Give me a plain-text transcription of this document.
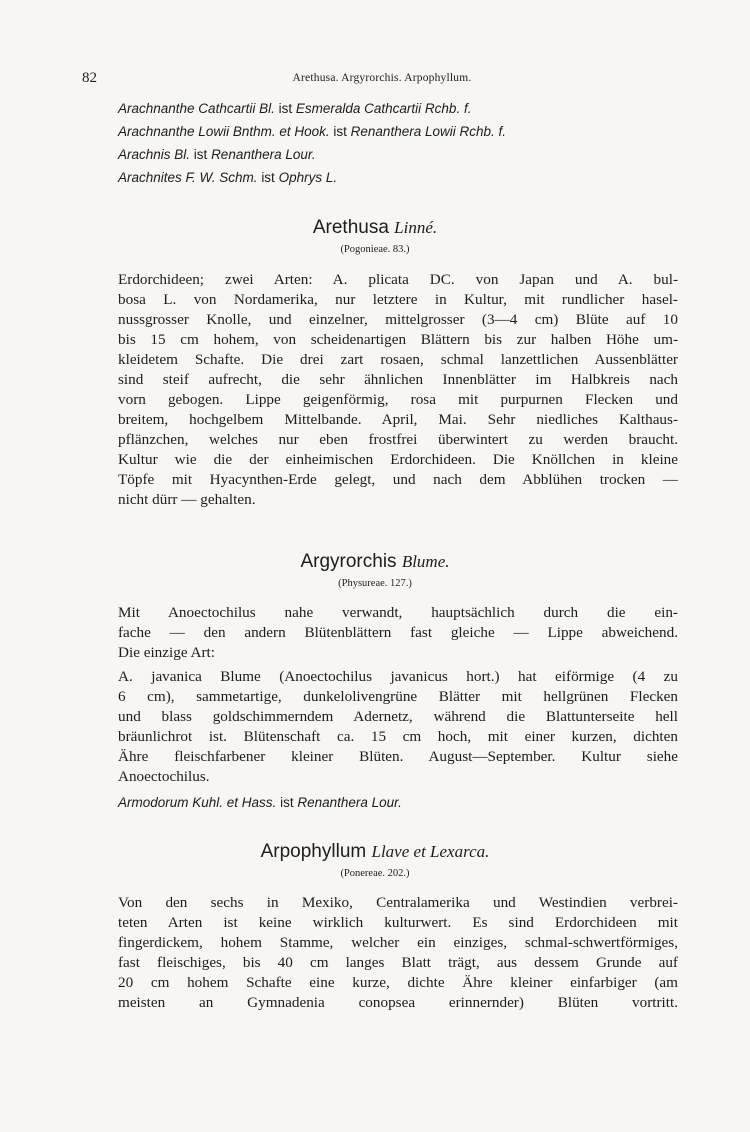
82	Arethusa. Argyrorchis. Arpophyllum.
Arachnanthe Cathcartii Bl. ist Esmeralda Cathcartii Rchb. f.
Arachnanthe Lowii Bnthm. et Hook. ist Renanthera Lowii Rchb. f.
Arachnis Bl. ist Renanthera Lour.
Arachnites F. W. Schm. ist Ophrys L.
Arethusa Linné.
(Pogonieae. 83.)
Erdorchideen; zwei Arten: A. plicata DC. von Japan und A. bul-
bosa L. von Nordamerika, nur letztere in Kultur, mit rundlicher hasel-
nussgrosser Knolle, und einzelner, mittelgrosser (3—4 cm) Blüte auf 10
bis 15 cm hohem, von scheidenartigen Blättern bis zur halben Höhe um-
kleidetem Schafte. Die drei zart rosaen, schmal lanzettlichen Aussenblätter
sind steif aufrecht, die sehr ähnlichen Innenblätter im Halbkreis nach
vorn gebogen. Lippe geigenförmig, rosa mit purpurnen Flecken und
breitem, hochgelbem Mittelbande. April, Mai. Sehr niedliches Kalthaus-
pflänzchen, welches nur eben frostfrei überwintert zu werden braucht.
Kultur wie die der einheimischen Erdorchideen. Die Knöllchen in kleine
Töpfe mit Hyacynthen-Erde gelegt, und nach dem Abblühen trocken —
nicht dürr — gehalten.
Argyrorchis Blume.
(Physureae. 127.)
Mit Anoectochilus nahe verwandt, hauptsächlich durch die ein-
fache — den andern Blütenblättern fast gleiche — Lippe abweichend.
Die einzige Art:
A. javanica Blume (Anoectochilus javanicus hort.) hat eiförmige (4 zu
6 cm), sammetartige, dunkelolivengrüne Blätter mit hellgrünen Flecken
und blass goldschimmerndem Adernetz, während die Blattunterseite hell
bräunlichrot ist. Blütenschaft ca. 15 cm hoch, mit einer kurzen, dichten
Ähre fleischfarbener kleiner Blüten. August—September. Kultur siehe
Anoectochilus.
Armodorum Kuhl. et Hass. ist Renanthera Lour.
Arpophyllum Llave et Lexarca.
(Ponereae. 202.)
Von den sechs in Mexiko, Centralamerika und Westindien verbrei-
teten Arten ist keine wirklich kulturwert. Es sind Erdorchideen mit
fingerdickem, hohem Stamme, welcher ein einziges, schmal-schwertförmiges,
fast fleischiges, bis 40 cm langes Blatt trägt, aus dessem Grunde auf
20 cm hohem Schafte eine kurze, dichte Ähre kleiner einfarbiger (am
meisten an Gymnadenia conopsea erinnernder) Blüten vortritt.
